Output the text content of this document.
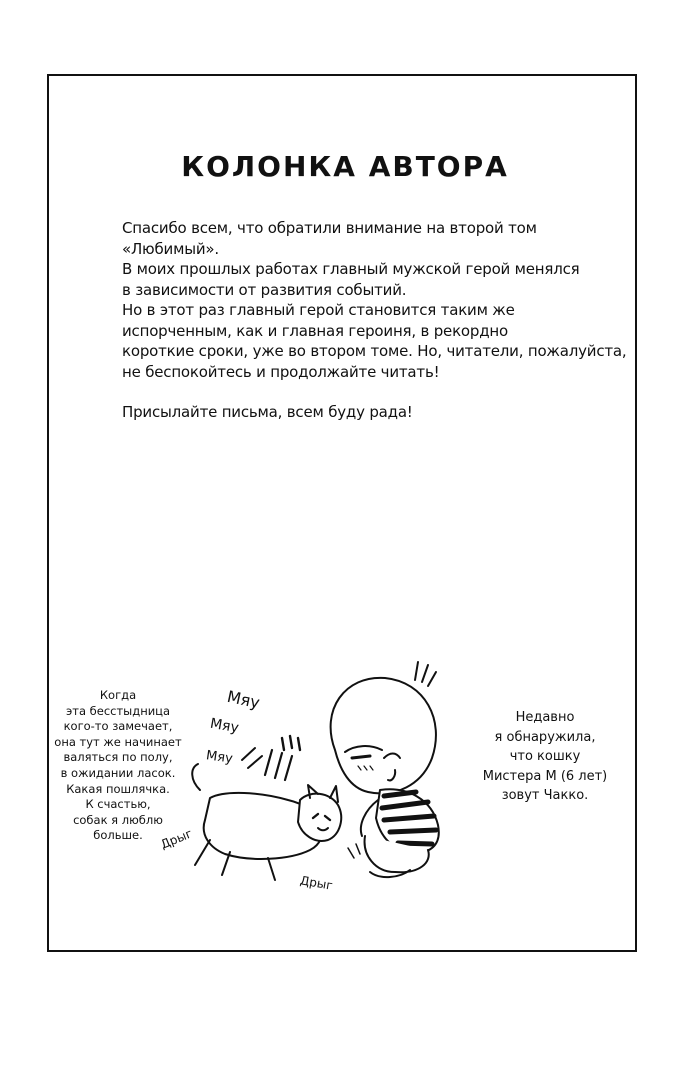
КОЛОНКА АВТОРА

Спасибо всем, что обратили внимание на второй том

«Любимый».

В моих прошлых работах главный мужской герой менялся

в зависимости от развития событий.

Но в этот раз главный герой становится таким же

испорченным, как и главная героиня, в рекордно

короткие сроки, уже во втором томе. Но, читатели, пожалуйста,

не беспокойтесь и продолжайте читать!

Присылайте письма, всем буду рада!

Когда
эта бесстыдница
кого-то замечает,
она тут же начинает
валяться по полу,
в ожидании ласок.
Какая пошлячка.
К счастью,
собак я люблю
больше.
Недавно
я обнаружила,
что кошку
Мистера М (6 лет)
зовут Чакко.
Мяу
Мяу
Мяу
Дрыг
Дрыг
